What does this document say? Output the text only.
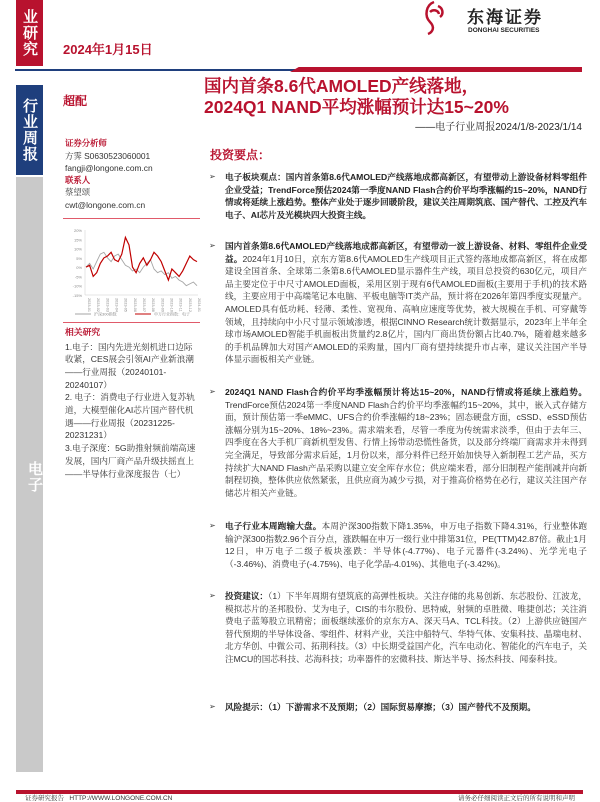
业研究
行业周报
电子
2024年1月15日
东海证券
DONGHAI SECURITIES
超配
国内首条8.6代AMOLED产线落地，
2024Q1 NAND平均涨幅预计达15~20%
——电子行业周报2024/1/8-2023/1/14
证券分析师
方霁 S0630523060001
fangji@longone.com.cn
联系人
蔡望颂
cwt@longone.com.cn
20%
15%
10%
5%
0%
-5%
-10%
-15%
2023-01 2023-02 2023-03 2023-04 2023-05 2023-06 2023-07 2023-08 2023-09 2023-10 2023-11 2023-12 2024-01
沪深300指数	申万行业指数：电子
相关研究
1.电子：国内先进光刻机进口边际收紧，CES展会引领AI产业新浪潮——行业周报（20240101-20240107）
2. 电子：消费电子行业进入复苏轨道，大模型催化AI芯片国产替代机遇——行业周报（20231225-20231231）
3.电子深度：5G助推射频前端高速发展，国内厂商产品升级扶摇直上——半导体行业深度报告（七）
投资要点：
➢ 电子板块观点：国内首条第8.6代AMOLED产线落地成都高新区，有望带动上游设备材料零组件企业受益；TrendForce预估2024第一季度NAND Flash合约价平均季涨幅约15~20%，NAND行情或将延续上涨趋势。整体产业处于逐步回暖阶段，建议关注周期筑底、国产替代、工控及汽车电子、AI芯片及光模块四大投资主线。
➢ 国内首条第8.6代AMOLED产线落地成都高新区，有望带动一波上游设备、材料、零组件企业受益。2024年1月10日，京东方第8.6代AMOLED生产线项目正式签约落地成都高新区，将在成都建设全国首条、全球第二条第8.6代AMOLED显示器件生产线，项目总投资约630亿元，项目产品主要定位于中尺寸AMOLED面板，采用区别于现有6代AMOLED面板(主要用于手机)的技术路线，主要应用于中高端笔记本电脑、平板电脑等IT类产品，预计将在2026年第四季度实现量产。AMOLED具有低功耗、轻薄、柔性、宽视角、高响应速度等优势，被大规模在手机、可穿戴等领域，且持续向中小尺寸显示领域渗透，根据CINNO Research统计数据显示，2023年上半年全球市场AMOLED智能手机面板出货量约2.8亿片，国内厂商出货份额占比40.7%，随着越来越多的手机品牌加大对国产AMOLED的采购量，国内厂商有望持续提升市占率，建议关注国产半导体显示面板相关产业链。
➢ 2024Q1 NAND Flash合约价平均季涨幅预计将达15~20%，NAND行情或将延续上涨趋势。TrendForce预估2024第一季度NAND Flash合约价平均季涨幅约15~20%，其中，嵌入式存储方面，预计预估第一季eMMC、UFS合约价季涨幅约18~23%；固态硬盘方面，cSSD、eSSD预估涨幅分别为15~20%、18%~23%。需求端来看，尽管一季度为传统需求淡季，但由于去年三、四季度在各大手机厂商新机型发售、行情上扬带动恐慌性备货，以及部分终端厂商需求并未得到完全满足，导致部分需求后延，1月份以来，部分料件已经开始加快导入新制程工艺产品，买方持续扩大NAND Flash产品采购以建立安全库存水位；供应端来看，部分旧制程产能削减并向新制程切换，整体供应依然紧张，且供应商为减少亏损，对于推高价格势在必行，建议关注国产存储芯片相关产业链。
➢ 电子行业本周跑输大盘。本周沪深300指数下降1.35%，申万电子指数下降4.31%，行业整体跑输沪深300指数2.96个百分点，涨跌幅在申万一级行业中排第31位，PE(TTM)42.87倍。截止1月12日，申万电子二级子板块涨跌：半导体(-4.77%)、电子元器件(-3.24%)、光学光电子（-3.46%)、消费电子(-4.75%)、电子化学品-4.01%)、其他电子(-3.42%)。
➢ 投资建议：（1）下半年周期有望筑底的高弹性板块。关注存储的兆易创新、东芯股份、江波龙，模拟芯片的圣邦股份、艾为电子，CIS的韦尔股份、思特威，射频的卓胜微、唯捷创芯；关注消费电子蓝筹股立讯精密；面板继续涨价的京东方A、深天马A、TCL科技。（2）上游供应链国产替代预期的半导体设备、零组件、材料产业，关注中船特气、华特气体、安集科技、晶瑞电材、北方华创、中微公司、拓荆科技。（3）中长期受益国产化，汽车电动化、智能化的汽车电子，关注MCU的国芯科技、芯海科技；功率器件的宏微科技、斯达半导、扬杰科技、闻泰科技。
➢ 风险提示：（1）下游需求不及预期；（2）国际贸易摩擦；（3）国产替代不及预期。
证券研究报告 HTTP://WWW.LONGONE.COM.CN	请务必仔细阅读正文后的所有说明和声明
